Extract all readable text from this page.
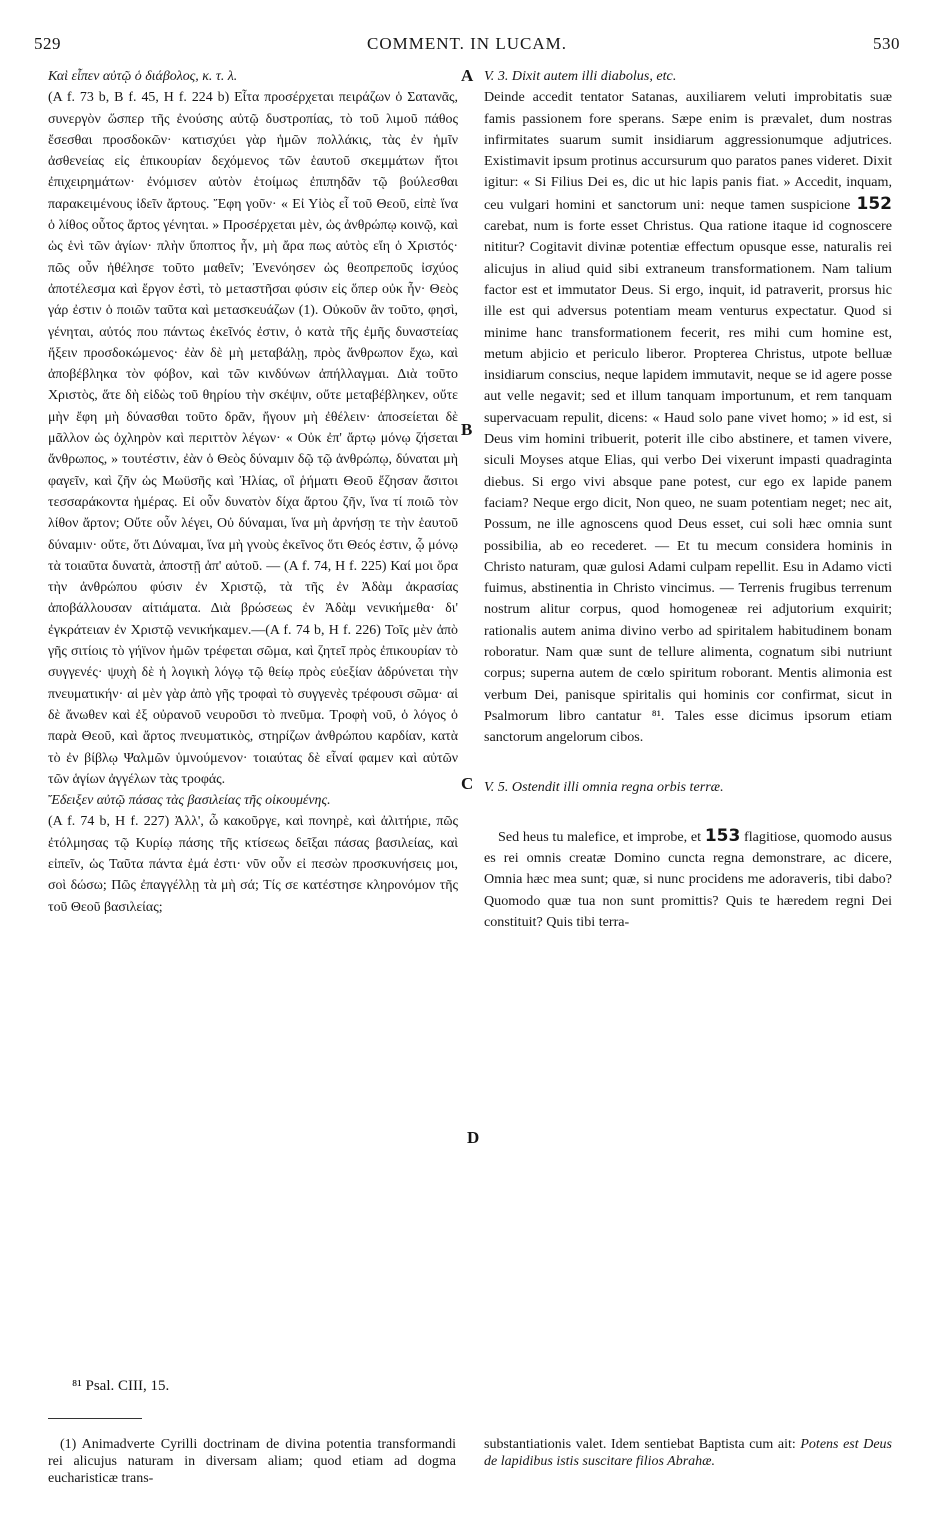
529	COMMENT. IN LUCAM.	530

Καὶ εἶπεν αὐτῷ ὁ διάβολος, κ. τ. λ.

(A f. 73 b, B f. 45, H f. 224 b) Εἶτα προσέρχεται πειράζων ὁ Σατανᾶς, συνεργὸν ὥσπερ τῆς ἐνούσης αὐτῷ δυστροπίας, τὸ τοῦ λιμοῦ πάθος ἔσεσθαι προσδοκῶν· κατισχύει γὰρ ἡμῶν πολλάκις, τὰς ἐν ἡμῖν ἀσθενείας εἰς ἐπικουρίαν δεχόμενος τῶν ἑαυτοῦ σκεμμάτων ἤτοι ἐπιχειρημάτων· ἐνόμισεν αὐτὸν ἑτοίμως ἐπιπηδᾶν τῷ βούλεσθαι παρακειμένους ἰδεῖν ἄρτους. Ἔφη γοῦν· « Εἰ Υἱὸς εἶ τοῦ Θεοῦ, εἰπὲ ἵνα ὁ λίθος οὗτος ἄρτος γένηται. » Προσέρχεται μὲν, ὡς ἀνθρώπῳ κοινῷ, καὶ ὡς ἑνὶ τῶν ἁγίων· πλὴν ὕποπτος ἦν, μὴ ἄρα πως αὐτὸς εἴη ὁ Χριστός· πῶς οὖν ἠθέλησε τοῦτο μαθεῖν; Ἐνενόησεν ὡς θεοπρεποῦς ἰσχύος ἀποτέλεσμα καὶ ἔργον ἐστὶ, τὸ μεταστῆσαι φύσιν εἰς ὅπερ οὐκ ἦν· Θεὸς γάρ ἐστιν ὁ ποιῶν ταῦτα καὶ μετασκευάζων (1). Οὐκοῦν ἂν τοῦτο, φησὶ, γένηται, αὐτός που πάντως ἐκεῖνός ἐστιν, ὁ κατὰ τῆς ἐμῆς δυναστείας ἥξειν προσδοκώμενος· ἐὰν δὲ μὴ μεταβάλῃ, πρὸς ἄνθρωπον ἔχω, καὶ ἀποβέβληκα τὸν φόβον, καὶ τῶν κινδύνων ἀπήλλαγμαι. Διὰ τοῦτο Χριστὸς, ἅτε δὴ εἰδὼς τοῦ θηρίου τὴν σκέψιν, οὔτε μεταβέβληκεν, οὔτε μὴν ἔφη μὴ δύνασθαι τοῦτο δρᾶν, ἤγουν μὴ ἐθέλειν· ἀποσείεται δὲ μᾶλλον ὡς ὀχληρὸν καὶ περιττὸν λέγων· « Οὐκ ἐπ' ἄρτῳ μόνῳ ζήσεται ἄνθρωπος, » τουτέστιν, ἐὰν ὁ Θεὸς δύναμιν δῷ τῷ ἀνθρώπῳ, δύναται μὴ φαγεῖν, καὶ ζῆν ὡς Μωϋσῆς καὶ Ἠλίας, οἳ ῥήματι Θεοῦ ἔζησαν ἄσιτοι τεσσαράκοντα ἡμέρας. Εἰ οὖν δυνατὸν δίχα ἄρτου ζῆν, ἵνα τί ποιῶ τὸν λίθον ἄρτον; Οὔτε οὖν λέγει, Οὐ δύναμαι, ἵνα μὴ ἀρνήσῃ τε τὴν ἑαυτοῦ δύναμιν· οὔτε, ὅτι Δύναμαι, ἵνα μὴ γνοὺς ἐκεῖνος ὅτι Θεός ἐστιν, ᾧ μόνῳ τὰ τοιαῦτα δυνατὰ, ἀποστῇ ἀπ' αὐτοῦ. — (A f. 74, H f. 225) Καί μοι ὅρα τὴν ἀνθρώπου φύσιν ἐν Χριστῷ, τὰ τῆς ἐν Ἀδὰμ ἀκρασίας ἀποβάλλουσαν αἰτιάματα. Διὰ βρώσεως ἐν Ἀδὰμ νενικήμεθα· δι' ἐγκράτειαν ἐν Χριστῷ νενικήκαμεν.—(A f. 74 b, H f. 226) Τοῖς μὲν ἀπὸ γῆς σιτίοις τὸ γήϊνον ἡμῶν τρέφεται σῶμα, καὶ ζητεῖ πρὸς ἐπικουρίαν τὸ συγγενές· ψυχὴ δὲ ἡ λογικὴ λόγῳ τῷ θείῳ πρὸς εὐεξίαν ἀδρύνεται τὴν πνευματικήν· αἱ μὲν γὰρ ἀπὸ γῆς τροφαὶ τὸ συγγενὲς τρέφουσι σῶμα· αἱ δὲ ἄνωθεν καὶ ἐξ οὐρανοῦ νευροῦσι τὸ πνεῦμα. Τροφὴ νοῦ, ὁ λόγος ὁ παρὰ Θεοῦ, καὶ ἄρτος πνευματικὸς, στηρίζων ἀνθρώπου καρδίαν, κατὰ τὸ ἐν βίβλῳ Ψαλμῶν ὑμνούμενον· τοιαύτας δὲ εἶναί φαμεν καὶ αὐτῶν τῶν ἁγίων ἀγγέλων τὰς τροφάς.

Ἔδειξεν αὐτῷ πάσας τὰς βασιλείας τῆς οἰκουμένης.

(A f. 74 b, H f. 227) Ἀλλ', ὦ κακοῦργε, καὶ πονηρὲ, καὶ ἀλιτήριε, πῶς ἐτόλμησας τῷ Κυρίῳ πάσης τῆς κτίσεως δεῖξαι πάσας βασιλείας, καὶ εἰπεῖν, ὡς Ταῦτα πάντα ἐμά ἐστι· νῦν οὖν εἰ πεσὼν προσκυνήσεις μοι, σοὶ δώσω; Πῶς ἐπαγγέλλῃ τὰ μὴ σά; Τίς σε κατέστησε κληρονόμον τῆς τοῦ Θεοῦ βασιλείας;

A
B
C
D

V. 3. Dixit autem illi diabolus, etc.

Deinde accedit tentator Satanas, auxiliarem veluti improbitatis suæ famis passionem fore sperans. Sæpe enim is prævalet, dum nostras infirmitates suarum sumit insidiarum aggressionumque adjutrices. Existimavit ipsum protinus accursurum quo paratos panes videret. Dixit igitur: « Si Filius Dei es, dic ut hic lapis panis fiat. » Accedit, inquam, ceu vulgari homini et sanctorum uni: neque tamen suspicione 152 carebat, num is forte esset Christus. Qua ratione itaque id cognoscere nititur? Cogitavit divinæ potentiæ effectum opusque esse, naturalis rei alicujus in aliud quid sibi extraneum transformationem. Nam talium factor est et immutator Deus. Si ergo, inquit, id patraverit, prorsus hic ille est qui adversus potentiam meam venturus expectatur. Quod si minime hanc transformationem fecerit, res mihi cum homine est, metum abjicio et periculo liberor. Propterea Christus, utpote belluæ insidiarum conscius, neque lapidem immutavit, neque se id agere posse aut velle negavit; sed et illum tanquam importunum, et rem tanquam supervacuam repulit, dicens: « Haud solo pane vivet homo; » id est, si Deus vim homini tribuerit, poterit ille cibo abstinere, et tamen vivere, siculi Moyses atque Elias, qui verbo Dei vixerunt impasti quadraginta diebus. Si ergo vivi absque pane potest, cur ego ex lapide panem faciam? Neque ergo dicit, Non queo, ne suam potentiam neget; nec ait, Possum, ne ille agnoscens quod Deus esset, cui soli hæc omnia sunt possibilia, ab eo recederet. — Et tu mecum considera hominis in Christo naturam, quæ gulosi Adami culpam repellit. Esu in Adamo victi fuimus, abstinentia in Christo vincimus. — Terrenis frugibus terrenum nostrum alitur corpus, quod homogeneæ rei adjutorium exquirit; rationalis autem anima divino verbo ad spiritalem habitudinem bonam roboratur. Nam quæ sunt de tellure alimenta, cognatum sibi nutriunt corpus; superna autem de cœlo spiritum roborant. Mentis alimonia est verbum Dei, panisque spiritalis qui hominis cor confirmat, sicut in Psalmorum libro cantatur ⁸¹. Tales esse dicimus ipsorum etiam sanctorum angelorum cibos.

V. 5. Ostendit illi omnia regna orbis terræ.

Sed heus tu malefice, et improbe, et 153 flagitiose, quomodo ausus es rei omnis creatæ Domino cuncta regna demonstrare, ac dicere, Omnia hæc mea sunt; quæ, si nunc procidens me adoraveris, tibi dabo? Quomodo quæ tua non sunt promittis? Quis te hæredem regni Dei constituit? Quis tibi terra-

⁸¹ Psal. CIII, 15.
(1) Animadverte Cyrilli doctrinam de divina potentia transformandi rei alicujus naturam in diversam aliam; quod etiam ad dogma eucharisticæ trans-
substantiationis valet. Idem sentiebat Baptista cum ait: Potens est Deus de lapidibus istis suscitare filios Abrahæ.
